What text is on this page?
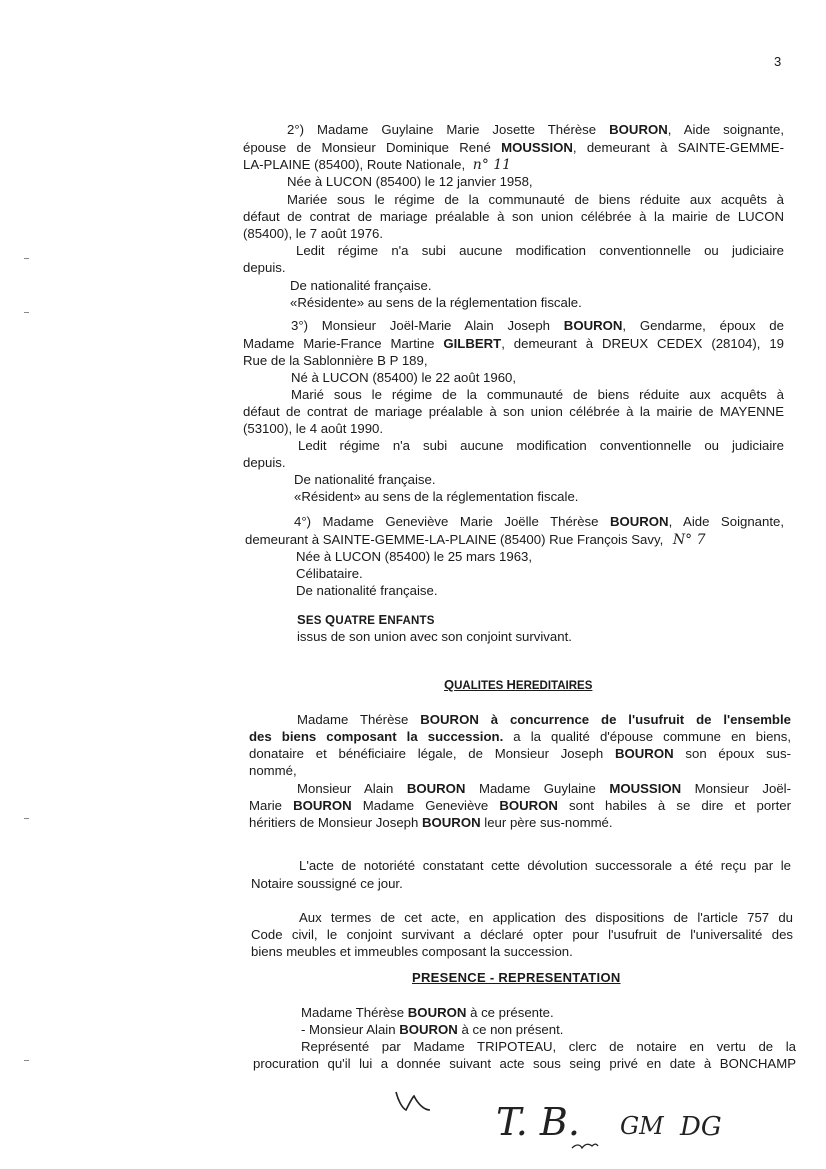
3
2°) Madame Guylaine Marie Josette Thérèse BOURON, Aide soignante,
épouse de Monsieur Dominique René MOUSSION, demeurant à SAINTE-GEMME-
LA-PLAINE (85400), Route Nationale, n° 11
Née à LUCON (85400) le 12 janvier 1958,
Mariée sous le régime de la communauté de biens réduite aux acquêts à
défaut de contrat de mariage préalable à son union célébrée à la mairie de LUCON
(85400), le 7 août 1976.
Ledit régime n'a subi aucune modification conventionnelle ou judiciaire
depuis.
De nationalité française.
«Résidente» au sens de la réglementation fiscale.
3°) Monsieur Joël-Marie Alain Joseph BOURON, Gendarme, époux de
Madame Marie-France Martine GILBERT, demeurant à DREUX CEDEX (28104), 19
Rue de la Sablonnière B P 189,
Né à LUCON (85400) le 22 août 1960,
Marié sous le régime de la communauté de biens réduite aux acquêts à
défaut de contrat de mariage préalable à son union célébrée à la mairie de MAYENNE
(53100), le 4 août 1990.
Ledit régime n'a subi aucune modification conventionnelle ou judiciaire
depuis.
De nationalité française.
«Résident» au sens de la réglementation fiscale.
4°) Madame Geneviève Marie Joëlle Thérèse BOURON, Aide Soignante,
demeurant à SAINTE-GEMME-LA-PLAINE (85400) Rue François Savy, N° 7
Née à LUCON (85400) le 25 mars 1963,
Célibataire.
De nationalité française.
SES QUATRE ENFANTS
issus de son union avec son conjoint survivant.
QUALITES HEREDITAIRES
Madame Thérèse BOURON à concurrence de l'usufruit de l'ensemble
des biens composant la succession. a la qualité d'épouse commune en biens,
donataire et bénéficiaire légale, de Monsieur Joseph BOURON son époux sus-
nommé,
Monsieur Alain BOURON Madame Guylaine MOUSSION Monsieur Joël-
Marie BOURON Madame Geneviève BOURON sont habiles à se dire et porter
héritiers de Monsieur Joseph BOURON leur père sus-nommé.
L'acte de notoriété constatant cette dévolution successorale a été reçu par le
Notaire soussigné ce jour.
Aux termes de cet acte, en application des dispositions de l'article 757 du
Code civil, le conjoint survivant a déclaré opter pour l'usufruit de l'universalité des
biens meubles et immeubles composant la succession.
PRESENCE - REPRESENTATION
Madame Thérèse BOURON à ce présente.
- Monsieur Alain BOURON à ce non présent.
Représenté par Madame TRIPOTEAU, clerc de notaire en vertu de la
procuration qu'il lui a donnée suivant acte sous seing privé en date à BONCHAMP
T. B. GM DG
